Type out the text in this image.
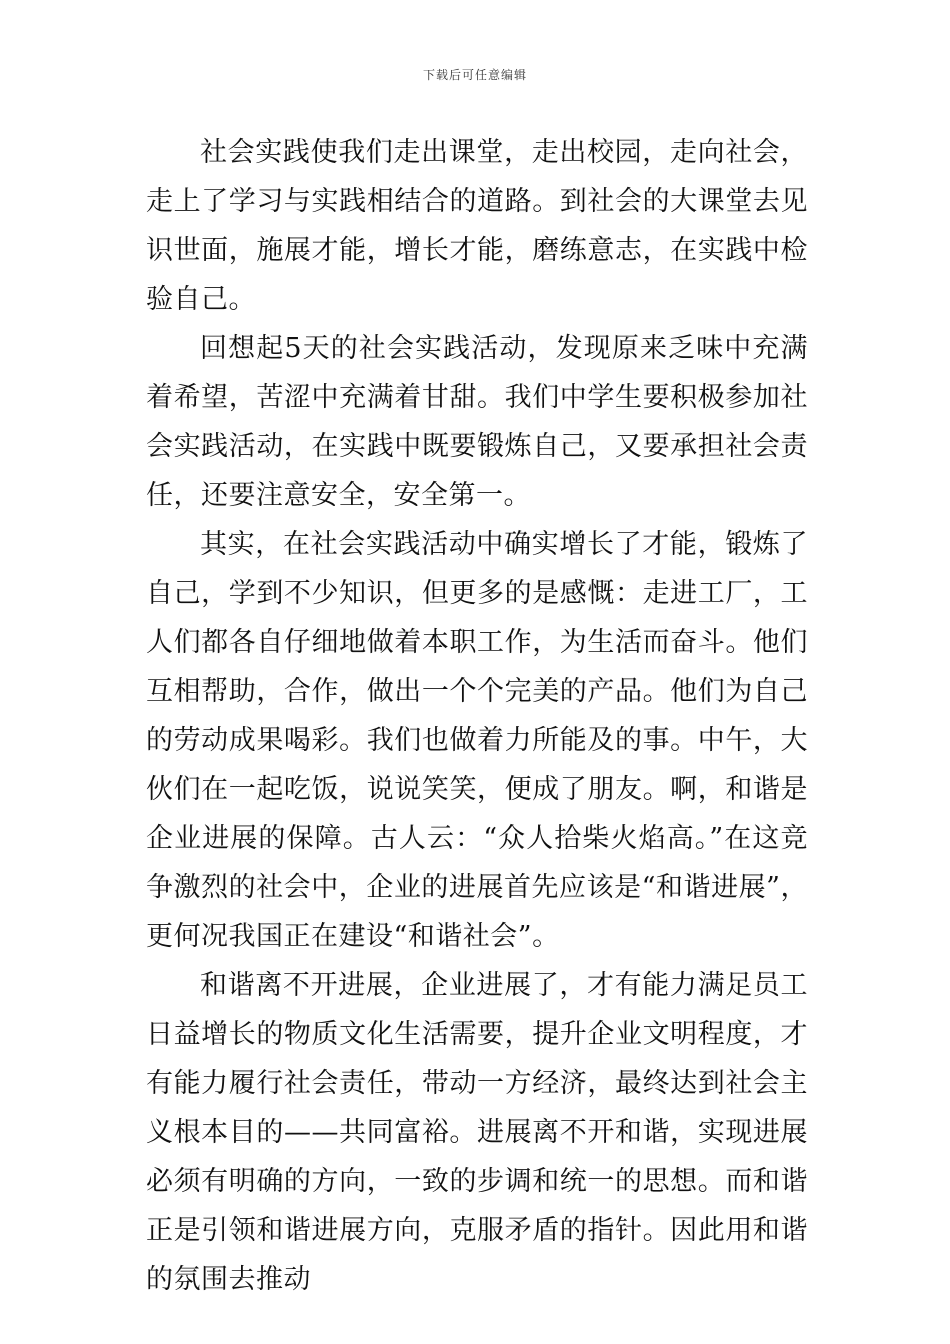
下载后可任意编辑

社会实践使我们走出课堂，走出校园，走向社会，走上了学习与实践相结合的道路。到社会的大课堂去见识世面，施展才能，增长才能，磨练意志，在实践中检验自己。

回想起5天的社会实践活动，发现原来乏味中充满着希望，苦涩中充满着甘甜。我们中学生要积极参加社会实践活动，在实践中既要锻炼自己，又要承担社会责任，还要注意安全，安全第一。

其实，在社会实践活动中确实增长了才能，锻炼了自己，学到不少知识，但更多的是感慨：走进工厂，工人们都各自仔细地做着本职工作，为生活而奋斗。他们互相帮助，合作，做出一个个完美的产品。他们为自己的劳动成果喝彩。我们也做着力所能及的事。中午，大伙们在一起吃饭，说说笑笑，便成了朋友。啊，和谐是企业进展的保障。古人云：“众人拾柴火焰高。”在这竞争激烈的社会中，企业的进展首先应该是“和谐进展”，更何况我国正在建设“和谐社会”。

和谐离不开进展，企业进展了，才有能力满足员工日益增长的物质文化生活需要，提升企业文明程度，才有能力履行社会责任，带动一方经济，最终达到社会主义根本目的——共同富裕。进展离不开和谐，实现进展必须有明确的方向，一致的步调和统一的思想。而和谐正是引领和谐进展方向，克服矛盾的指针。因此用和谐的氛围去推动
